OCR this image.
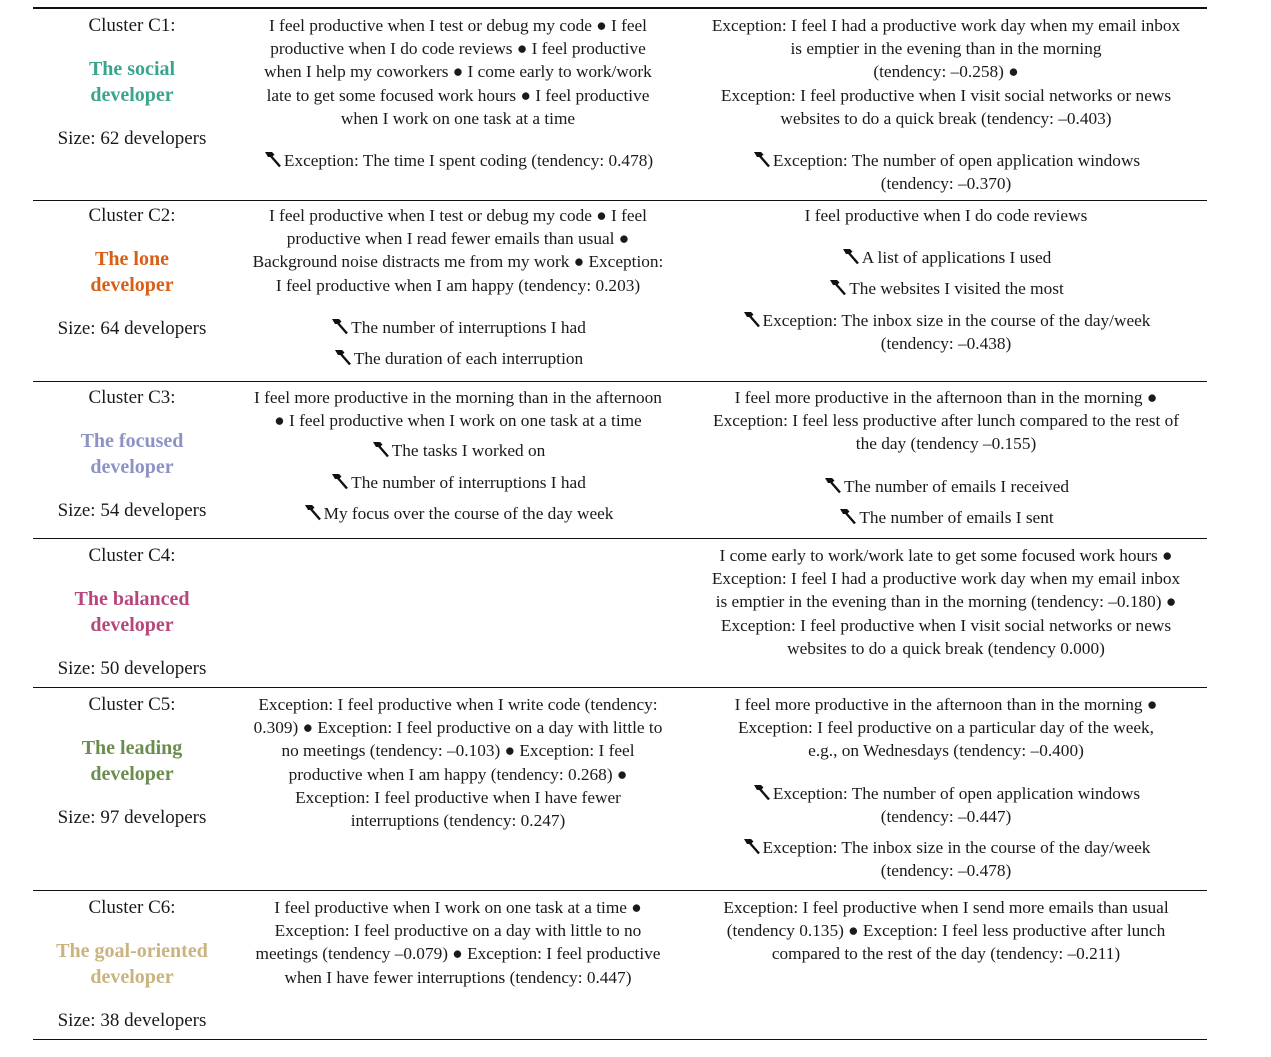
Cluster C1:
The social
developer
Size: 62 developers
I feel productive when I test or debug my code ● I feel
productive when I do code reviews ● I feel productive
when I help my coworkers ● I come early to work/work
late to get some focused work hours ● I feel productive
when I work on one task at a time
Exception: The time I spent coding (tendency: 0.478)
Exception: I feel I had a productive work day when my email inbox
is emptier in the evening than in the morning
(tendency: –0.258) ●
Exception: I feel productive when I visit social networks or news
websites to do a quick break (tendency: –0.403)
Exception: The number of open application windows
(tendency: –0.370)
Cluster C2:
The lone
developer
Size: 64 developers
I feel productive when I test or debug my code ● I feel
productive when I read fewer emails than usual ●
Background noise distracts me from my work ● Exception:
I feel productive when I am happy (tendency: 0.203)
The number of interruptions I had
The duration of each interruption
I feel productive when I do code reviews
A list of applications I used
The websites I visited the most
Exception: The inbox size in the course of the day/week
(tendency: –0.438)
Cluster C3:
The focused
developer
Size: 54 developers
I feel more productive in the morning than in the afternoon
● I feel productive when I work on one task at a time
The tasks I worked on
The number of interruptions I had
My focus over the course of the day week
I feel more productive in the afternoon than in the morning ●
Exception: I feel less productive after lunch compared to the rest of
the day (tendency –0.155)
The number of emails I received
The number of emails I sent
Cluster C4:
The balanced
developer
Size: 50 developers
I come early to work/work late to get some focused work hours ●
Exception: I feel I had a productive work day when my email inbox
is emptier in the evening than in the morning (tendency: –0.180) ●
Exception: I feel productive when I visit social networks or news
websites to do a quick break (tendency 0.000)
Cluster C5:
The leading
developer
Size: 97 developers
Exception: I feel productive when I write code (tendency:
0.309) ● Exception: I feel productive on a day with little to
no meetings (tendency: –0.103) ● Exception: I feel
productive when I am happy (tendency: 0.268) ●
Exception: I feel productive when I have fewer
interruptions (tendency: 0.247)
I feel more productive in the afternoon than in the morning ●
Exception: I feel productive on a particular day of the week,
e.g., on Wednesdays (tendency: –0.400)
Exception: The number of open application windows
(tendency: –0.447)
Exception: The inbox size in the course of the day/week
(tendency: –0.478)
Cluster C6:
The goal-oriented
developer
Size: 38 developers
I feel productive when I work on one task at a time ●
Exception: I feel productive on a day with little to no
meetings (tendency –0.079) ● Exception: I feel productive
when I have fewer interruptions (tendency: 0.447)
Exception: I feel productive when I send more emails than usual
(tendency 0.135) ● Exception: I feel less productive after lunch
compared to the rest of the day (tendency: –0.211)
